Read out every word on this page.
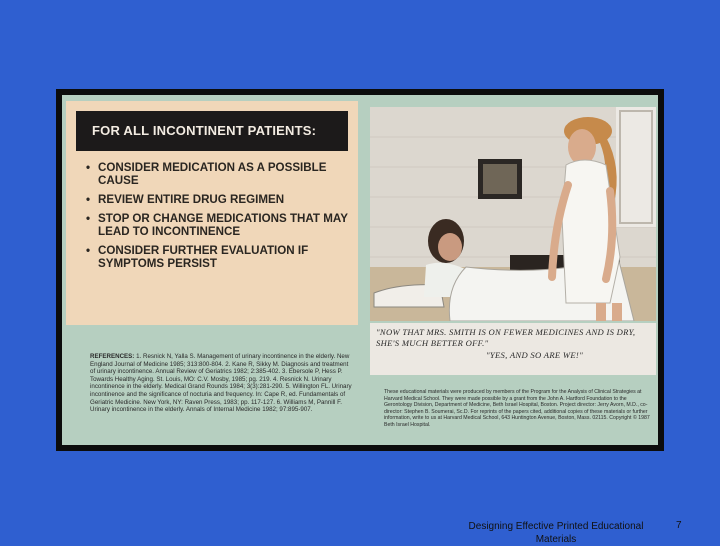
FOR ALL INCONTINENT PATIENTS:
• CONSIDER MEDICATION AS A POSSIBLE CAUSE
• REVIEW ENTIRE DRUG REGIMEN
• STOP OR CHANGE MEDICATIONS THAT MAY LEAD TO INCONTINENCE
• CONSIDER FURTHER EVALUATION IF SYMPTOMS PERSIST
REFERENCES: 1. Resnick N, Yalla S. Management of urinary incontinence in the elderly. New England Journal of Medicine 1985; 313:800-804. 2. Kane R, Sikky M. Diagnosis and treatment of urinary incontinence. Annual Review of Geriatrics 1982; 2:385-402. 3. Ebersole P, Hess P. Towards Healthy Aging. St. Louis, MO: C.V. Mosby, 1985; pg. 219. 4. Resnick N. Urinary incontinence in the elderly. Medical Grand Rounds 1984; 3(3):281-290. 5. Willington FL. Urinary incontinence and the significance of nocturia and frequency. In: Cape R, ed. Fundamentals of Geriatric Medicine. New York, NY: Raven Press, 1983; pp. 117-127. 6. Williams M, Pannill F. Urinary incontinence in the elderly. Annals of Internal Medicine 1982; 97:895-907.
"NOW THAT MRS. SMITH IS ON FEWER MEDICINES AND IS DRY, SHE'S MUCH BETTER OFF."
"YES, AND SO ARE WE!"
These educational materials were produced by members of the Program for the Analysis of Clinical Strategies at Harvard Medical School. They were made possible by a grant from the John A. Hartford Foundation to the Gerontology Division, Department of Medicine, Beth Israel Hospital, Boston. Project director: Jerry Avorn, M.D., co-director: Stephen B. Soumerai, Sc.D. For reprints of the papers cited, additional copies of these materials or further information, write to us at Harvard Medical School, 643 Huntington Avenue, Boston, Mass. 02115. Copyright © 1987 Beth Israel Hospital.
Designing Effective Printed Educational Materials
7
